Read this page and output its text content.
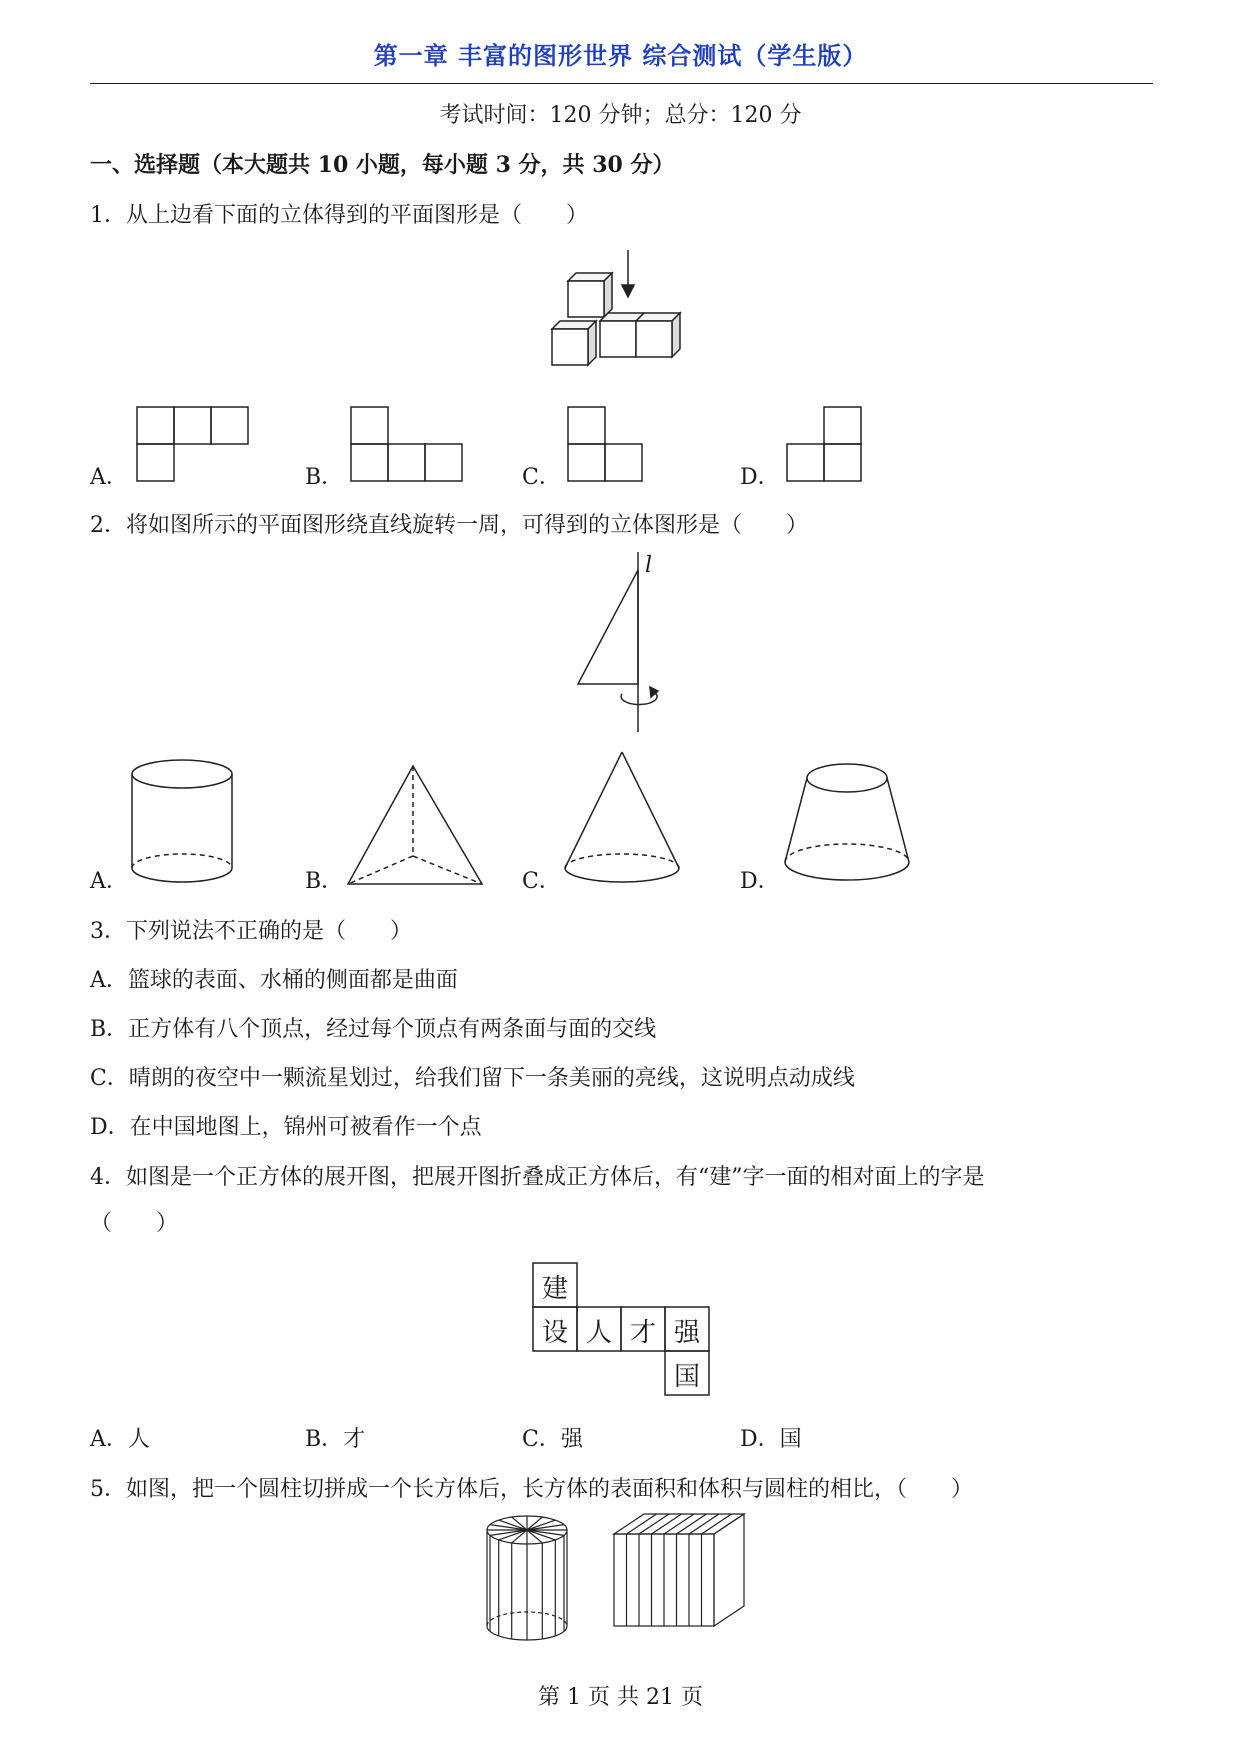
第一章 丰富的图形世界 综合测试（学生版）
考试时间：120 分钟；总分：120 分
一、选择题（本大题共 10 小题，每小题 3 分，共 30 分）
1．从上边看下面的立体得到的平面图形是（　　）
A．	B．	C．	D．
2．将如图所示的平面图形绕直线旋转一周，可得到的立体图形是（　　）
l
A．	B．	C．	D．
3．下列说法不正确的是（　　）
A．篮球的表面、水桶的侧面都是曲面
B．正方体有八个顶点，经过每个顶点有两条面与面的交线
C．晴朗的夜空中一颗流星划过，给我们留下一条美丽的亮线，这说明点动成线
D．在中国地图上，锦州可被看作一个点
4．如图是一个正方体的展开图，把展开图折叠成正方体后，有“建”字一面的相对面上的字是
（　　）
建
设 人 才 强
国
A．人	B．才	C．强	D．国
5．如图，把一个圆柱切拼成一个长方体后，长方体的表面积和体积与圆柱的相比，（　　）
第 1 页 共 21 页
